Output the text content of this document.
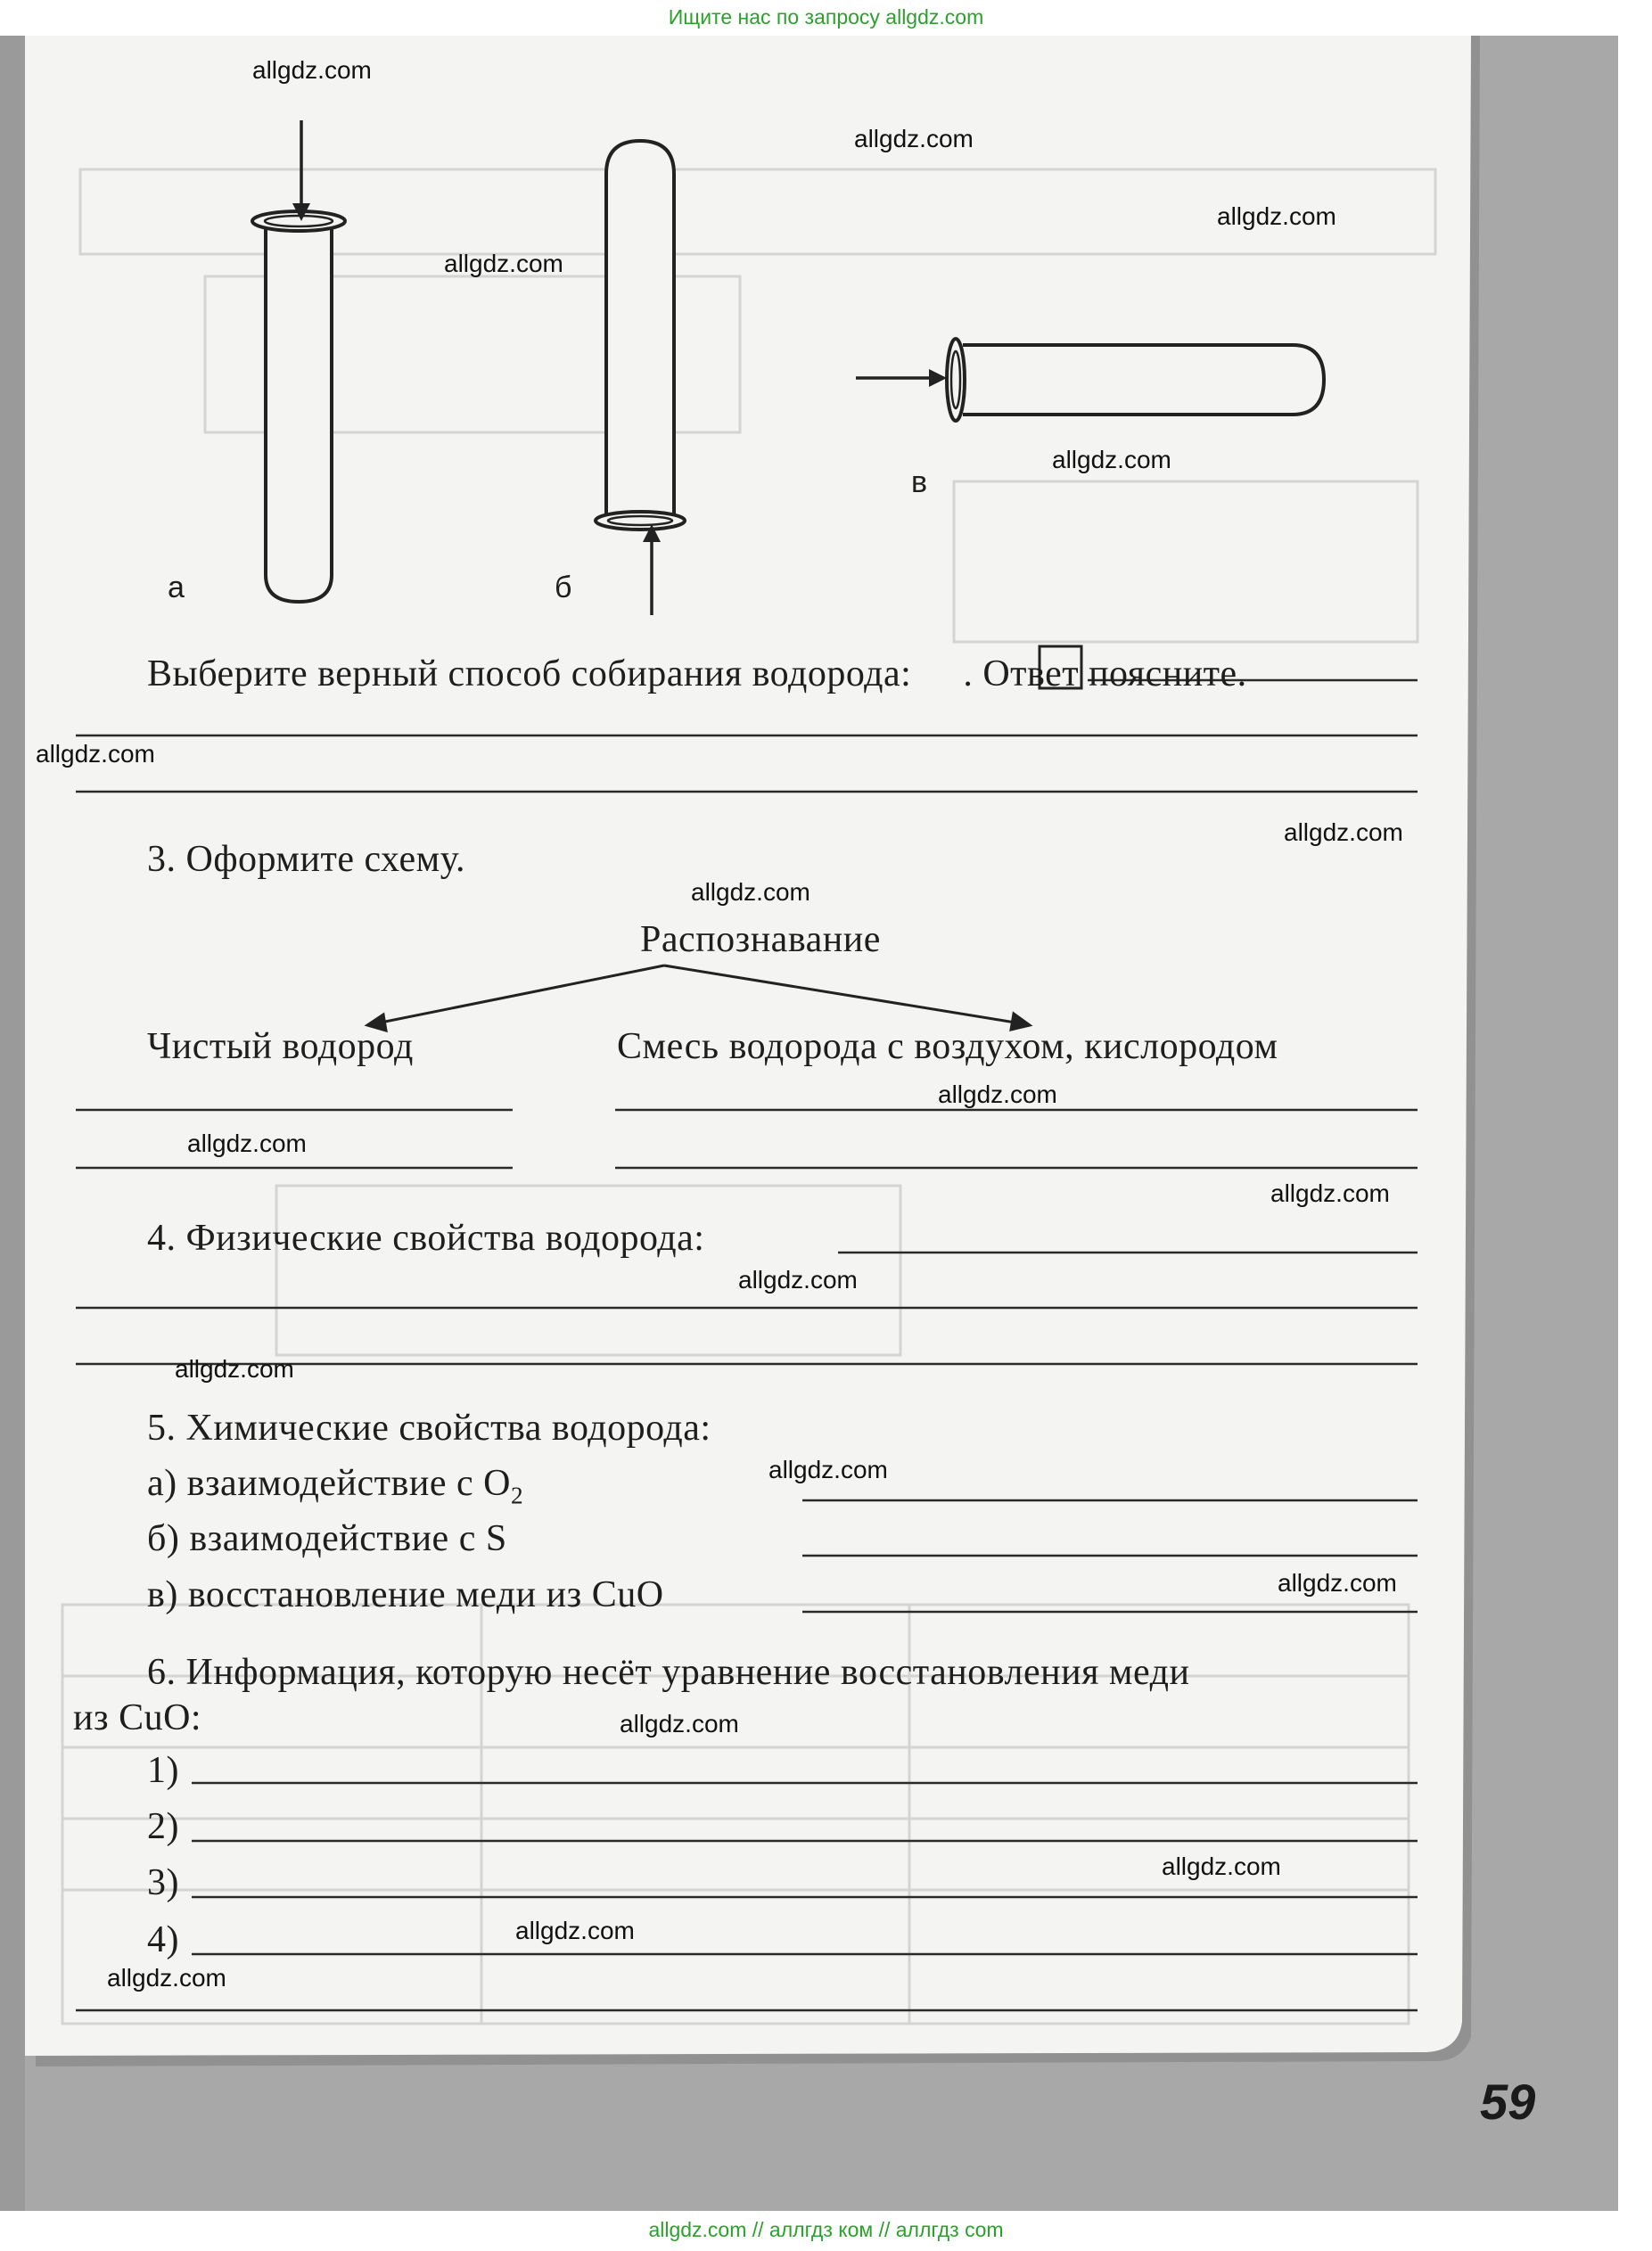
Ищите нас по запросу allgdz.com
allgdz.com // аллгдз ком // аллгдз com
а	б
в
Выберите верный способ собирания водорода: . Ответ поясните.
3. Оформите схему.
Распознавание
Чистый водород	Смесь водорода с воздухом, кислородом
4. Физические свойства водорода:
5. Химические свойства водорода:
а) взаимодействие с $O_2$
б) взаимодействие с S
в) восстановление меди из CuO
6. Информация, которую несёт уравнение восстановления меди
из CuO:
1)
2)
3)
4)
59
allgdz.com
allgdz.com
allgdz.com
allgdz.com
allgdz.com
allgdz.com
allgdz.com
allgdz.com
allgdz.com
allgdz.com
allgdz.com
allgdz.com
allgdz.com
allgdz.com
allgdz.com
allgdz.com
allgdz.com
allgdz.com
allgdz.com
